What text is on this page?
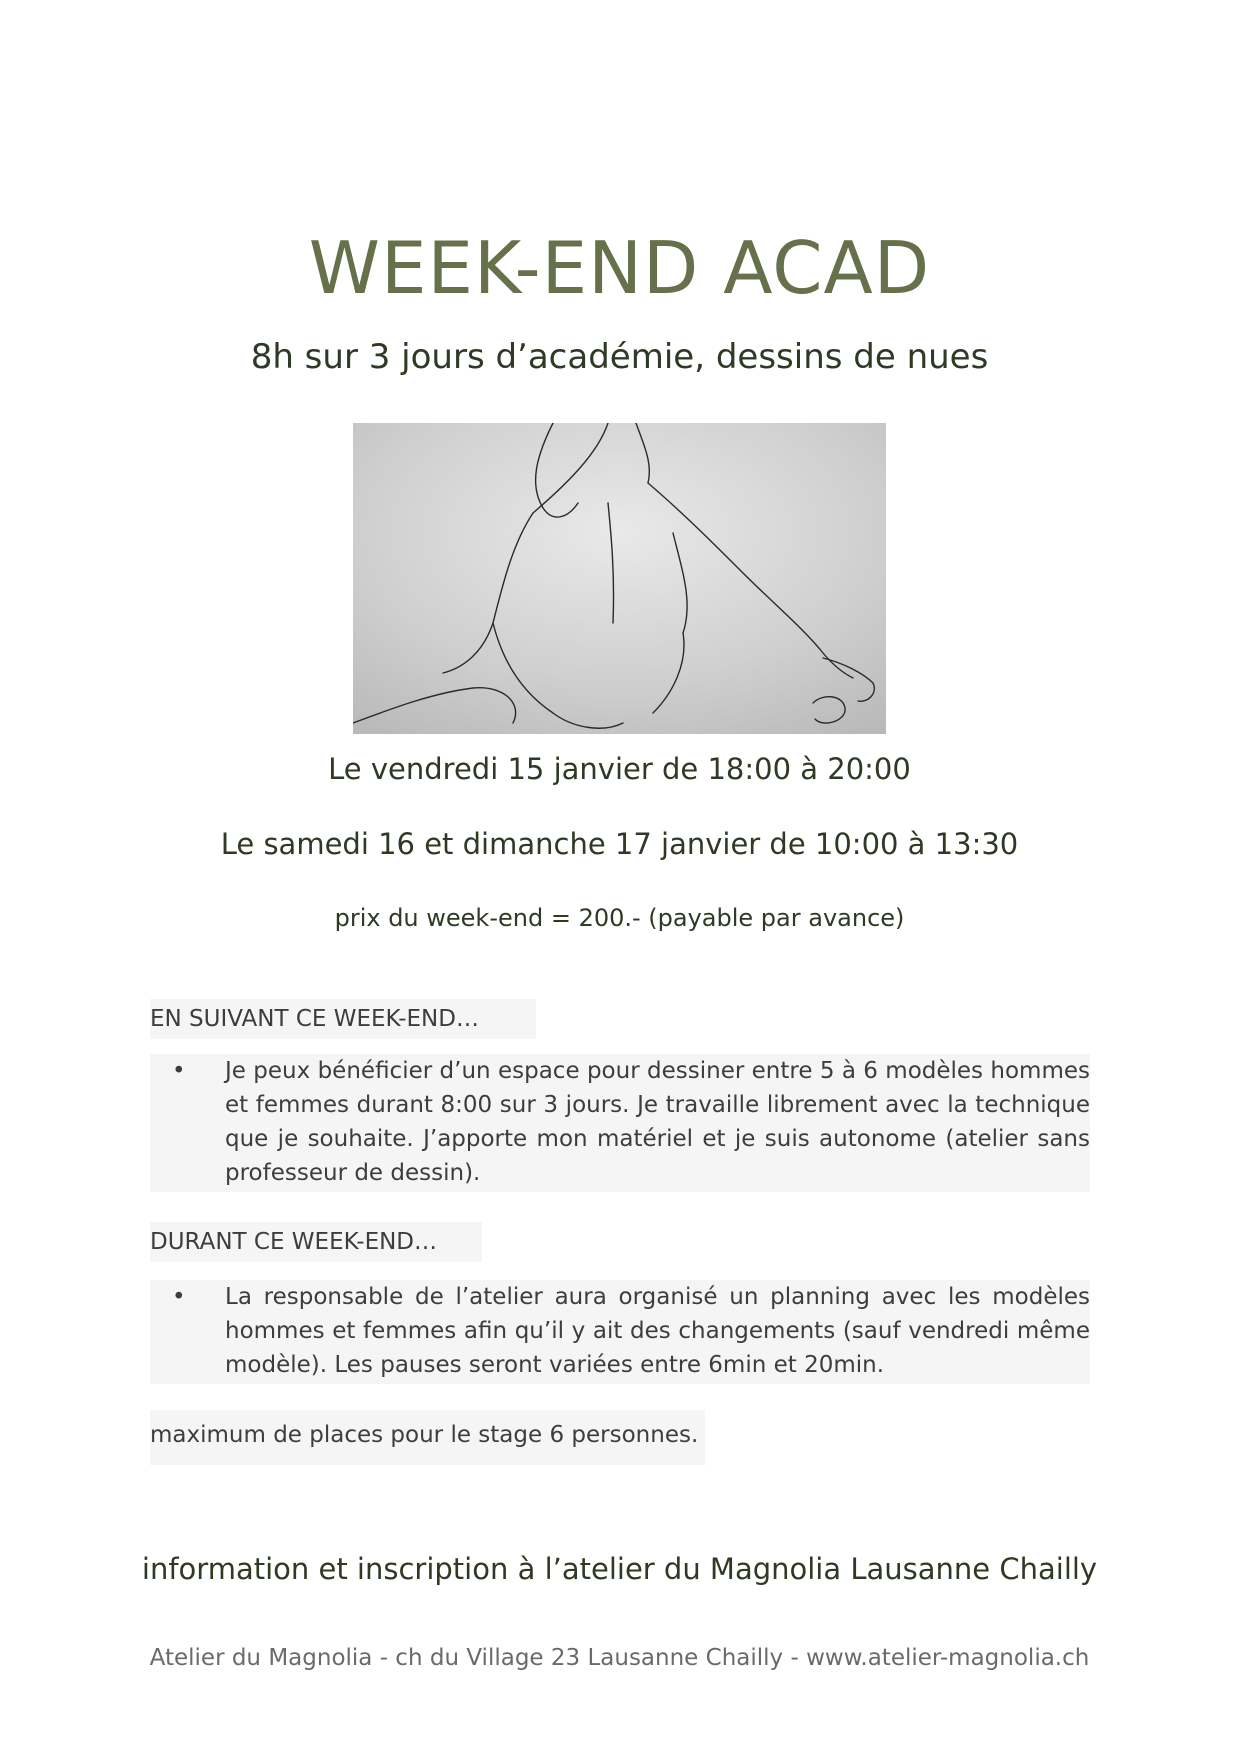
WEEK-END ACAD
8h sur 3 jours d’académie, dessins de nues
Le vendredi 15 janvier de 18:00 à 20:00
Le samedi 16 et dimanche 17 janvier de 10:00 à 13:30
prix du week-end = 200.- (payable par avance)
EN SUIVANT CE WEEK-END…
•	Je peux bénéficier d’un espace pour dessiner entre 5 à 6 modèles hommes et femmes durant 8:00 sur 3 jours. Je travaille librement avec la technique que je souhaite. J’apporte mon matériel et je suis autonome (atelier sans professeur de dessin).
DURANT CE WEEK-END…
•	La responsable de l’atelier aura organisé un planning avec les modèles hommes et femmes afin qu’il y ait des changements (sauf vendredi même modèle). Les pauses seront variées entre 6min et 20min.
maximum de places pour le stage 6 personnes.
information et inscription à l’atelier du Magnolia Lausanne Chailly
Atelier du Magnolia - ch du Village 23 Lausanne Chailly - www.atelier-magnolia.ch
